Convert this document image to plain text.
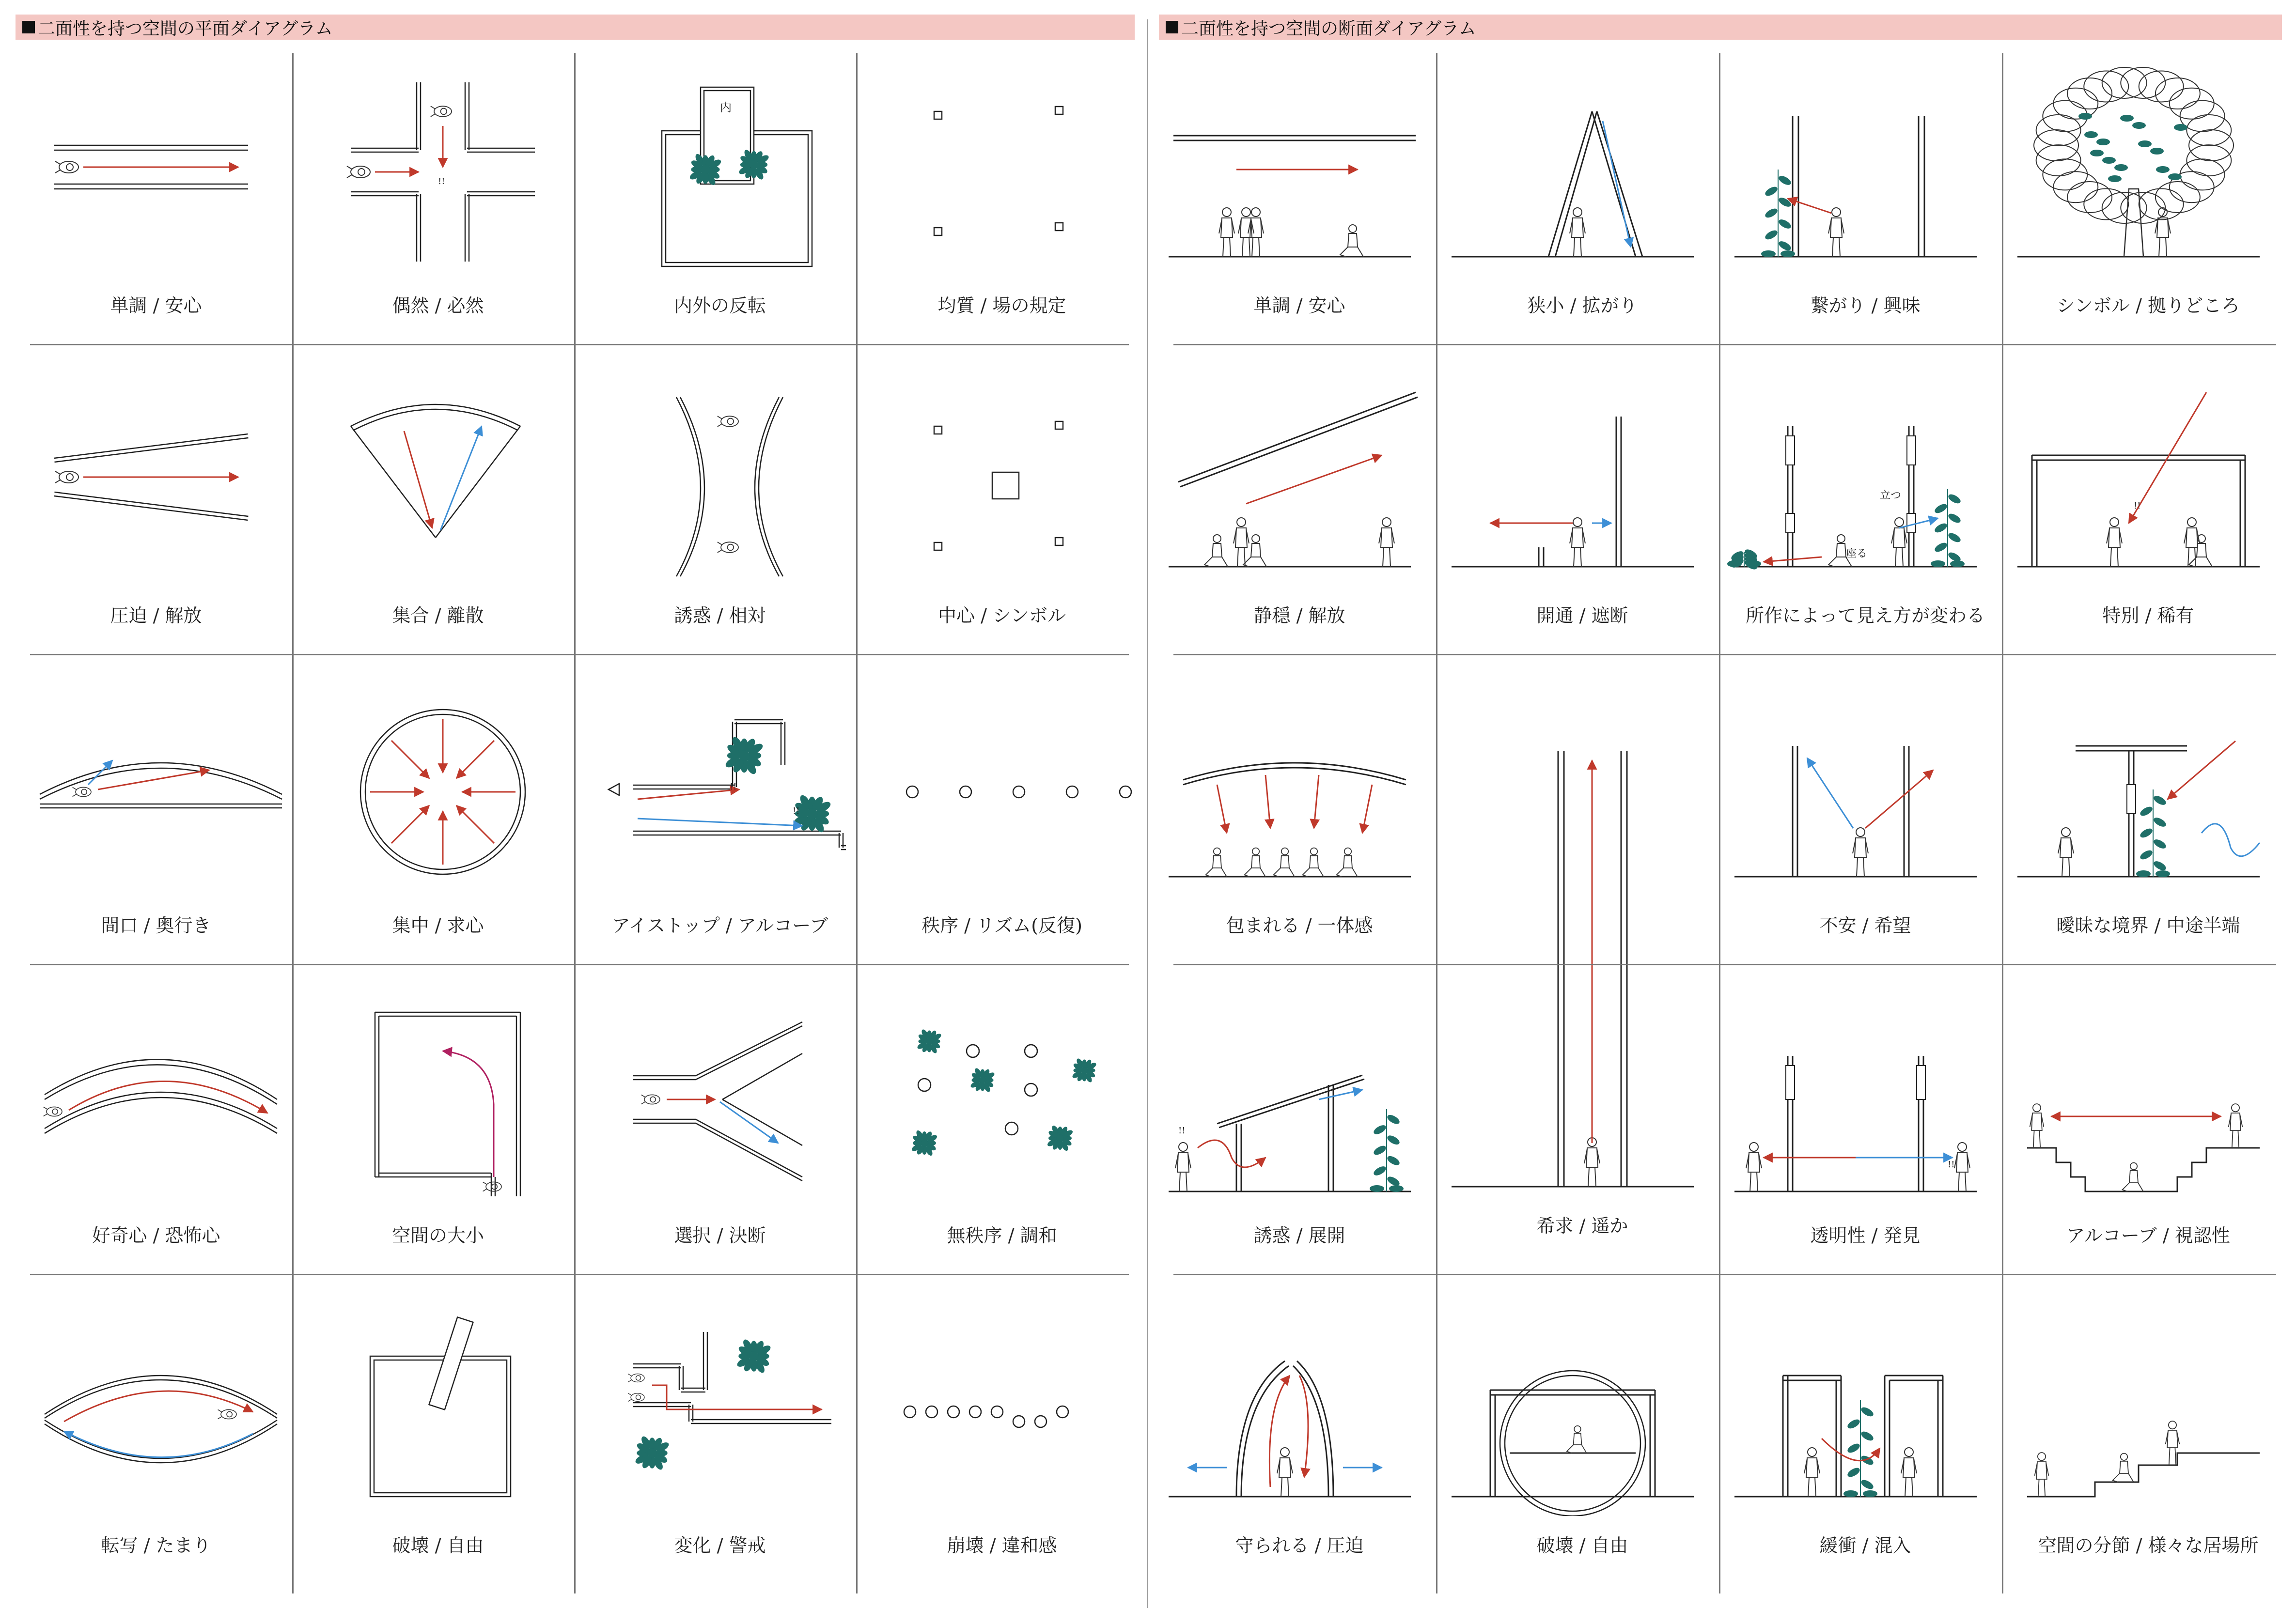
二面性を持つ空間の平面ダイアグラム	二面性を持つ空間の断面ダイアグラム
単調 / 安心
!!
偶然 / 必然
内
内外の反転	均質 / 場の規定
圧迫 / 解放	集合 / 離散	誘惑 / 相対	中心 / シンボル
間口 / 奥行き	集中 / 求心
!!
!!
アイストップ / アルコーブ	秩序 / リズム(反復)
好奇心 / 恐怖心	空間の大小	選択 / 決断	無秩序 / 調和
転写 / たまり	破壊 / 自由	変化 / 警戒	崩壊 / 違和感
単調 / 安心	狭小 / 拡がり	繋がり / 興味	シンボル / 拠りどころ
静穏 / 解放	開通 / 遮断
立つ
座る
所作によって見え方が変わる
!!
特別 / 稀有
包まれる / 一体感
希求 / 遥か
不安 / 希望	曖昧な境界 / 中途半端
!!
誘惑 / 展開
!!
透明性 / 発見	アルコーブ / 視認性
守られる / 圧迫	破壊 / 自由	緩衝 / 混入	空間の分節 / 様々な居場所
